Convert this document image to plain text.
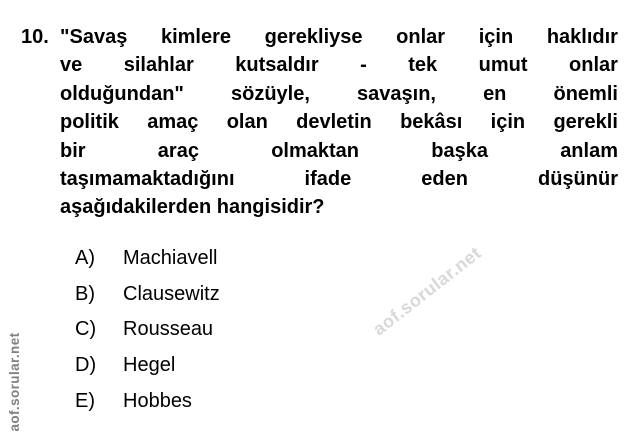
10. "Savaş kimlere gerekliyse onlar için haklıdır
ve silahlar kutsaldır - tek umut onlar
olduğundan" sözüyle, savaşın, en önemli
politik amaç olan devletin bekâsı için gerekli
bir	araç	olmaktan	başka	anlam
taşımamaktadığını	ifade	eden	düşünür
aşağıdakilerden hangisidir?
A)	Machiavell
B)	Clausewitz
C)	Rousseau
D)	Hegel
E)	Hobbes
aof.sorular.net
aof.sorular.net
